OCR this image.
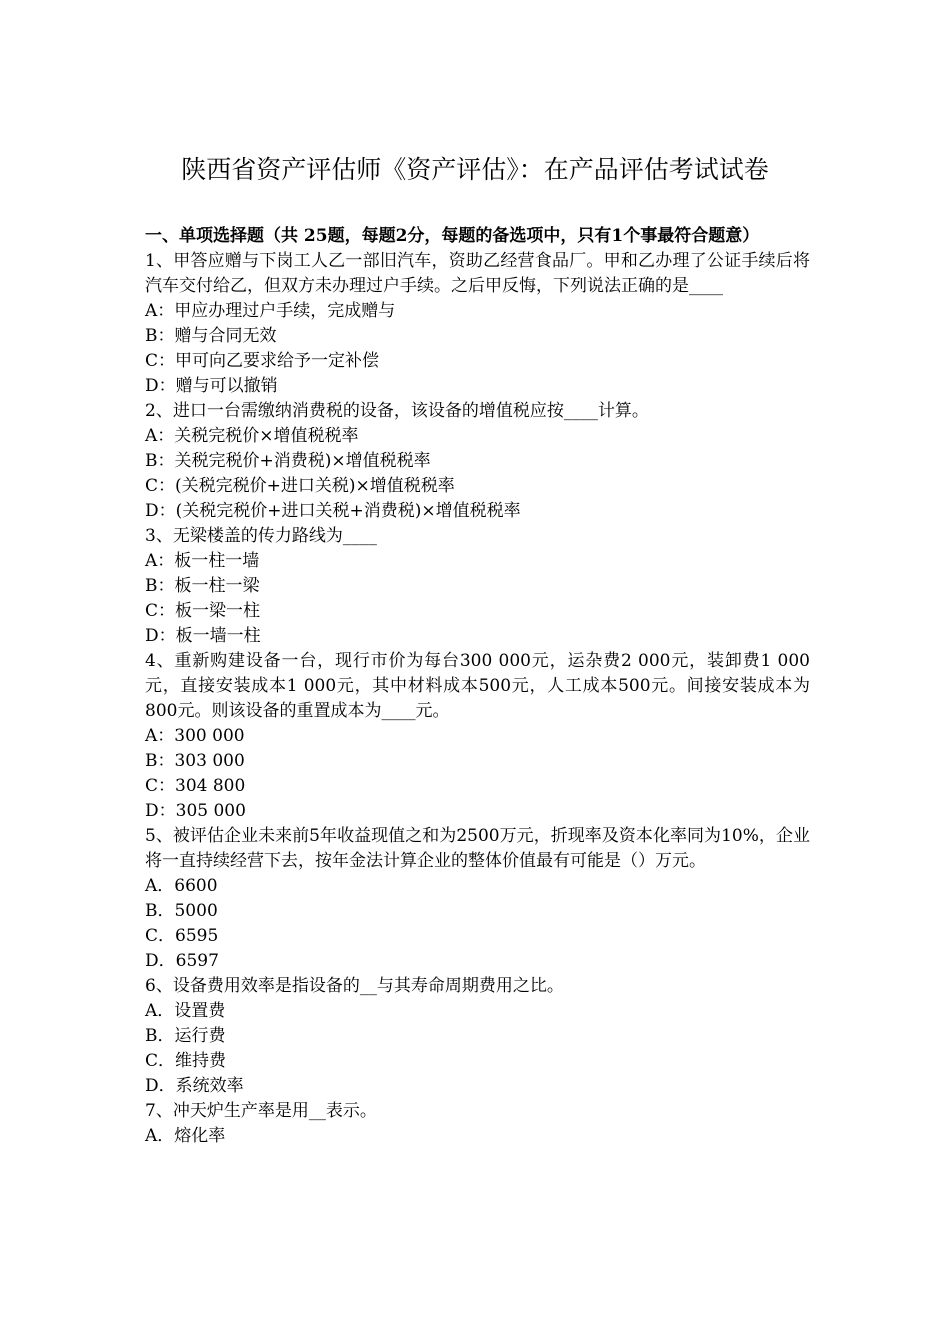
陕西省资产评估师《资产评估》：在产品评估考试试卷

一、单项选择题（共 25题，每题2分，每题的备选项中，只有1个事最符合题意）

1、甲答应赠与下岗工人乙一部旧汽车，资助乙经营食品厂。甲和乙办理了公证手续后将汽车交付给乙，但双方未办理过户手续。之后甲反悔，下列说法正确的是____

A：甲应办理过户手续，完成赠与

B：赠与合同无效

C：甲可向乙要求给予一定补偿

D：赠与可以撤销

2、进口一台需缴纳消费税的设备，该设备的增值税应按____计算。

A：关税完税价×增值税税率

B：关税完税价+消费税)×增值税税率

C：(关税完税价+进口关税)×增值税税率

D：(关税完税价+进口关税+消费税)×增值税税率

3、无梁楼盖的传力路线为____

A：板一柱一墙

B：板一柱一梁

C：板一梁一柱

D：板一墙一柱

4、重新购建设备一台，现行市价为每台300 000元，运杂费2 000元，装卸费1 000元，直接安装成本1 000元，其中材料成本500元，人工成本500元。间接安装成本为800元。则该设备的重置成本为____元。

A：300 000

B：303 000

C：304 800

D：305 000

5、被评估企业未来前5年收益现值之和为2500万元，折现率及资本化率同为10%，企业将一直持续经营下去，按年金法计算企业的整体价值最有可能是（）万元。

A．6600

B．5000

C．6595

D．6597

6、设备费用效率是指设备的__与其寿命周期费用之比。

A．设置费

B．运行费

C．维持费

D．系统效率

7、冲天炉生产率是用__表示。

A．熔化率
